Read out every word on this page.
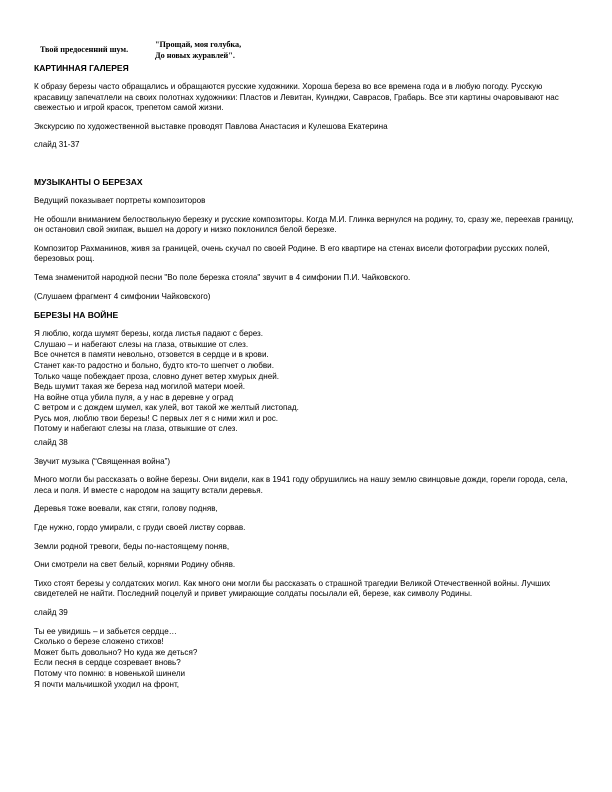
Твой предосенний шум.
"Прощай, моя голубка,
До новых журавлей".
КАРТИННАЯ ГАЛЕРЕЯ

К образу березы часто обращались и обращаются русские художники. Хороша береза во все времена года и в любую погоду. Русскую красавицу запечатлели на своих полотнах художники: Пластов и Левитан, Куинджи, Саврасов, Грабарь. Все эти картины очаровывают нас свежестью и игрой красок, трепетом самой жизни.

Экскурсию по художественной выставке проводят Павлова Анастасия и Кулешова Екатерина

слайд 31-37

МУЗЫКАНТЫ О БЕРЕЗАХ

Ведущий показывает портреты композиторов

Не обошли вниманием белоствольную березку и русские композиторы. Когда М.И. Глинка вернулся на родину, то, сразу же, переехав границу, он остановил свой экипаж, вышел на дорогу и низко поклонился белой березке.

Композитор Рахманинов, живя за границей, очень скучал по своей Родине. В его квартире на стенах висели фотографии русских полей, березовых рощ.

Тема знаменитой народной песни "Во поле березка стояла" звучит в 4 симфонии П.И. Чайковского.

(Слушаем фрагмент 4 симфонии Чайковского)

БЕРЕЗЫ НА ВОЙНЕ
Я люблю, когда шумят березы, когда листья падают с берез.
Слушаю – и набегают слезы на глаза, отвыкшие от слез.
Все очнется в памяти невольно, отзовется в сердце и в крови.
Станет как-то радостно и больно, будто кто-то шепчет о любви.
Только чаще побеждает проза, словно дунет ветер хмурых дней.
Ведь шумит такая же береза над могилой матери моей.
На войне отца убила пуля, а у нас в деревне у оград
С ветром и с дождем шумел, как улей, вот такой же желтый листопад.
Русь моя, люблю твои березы! С первых лет я с ними жил и рос.
Потому и набегают слезы на глаза, отвыкшие от слез.

слайд 38

Звучит музыка (“Священная война”)

Много могли бы рассказать о войне березы. Они видели, как в 1941 году обрушились на нашу землю свинцовые дожди, горели города, села, леса и поля. И вместе с народом на защиту встали деревья.

Деревья тоже воевали, как стяги, голову подняв,

Где нужно, гордо умирали, с груди своей листву сорвав.

Земли родной тревоги, беды по-настоящему поняв,

Они смотрели на свет белый, корнями Родину обняв.

Тихо стоят березы у солдатских могил. Как много они могли бы рассказать о страшной трагедии Великой Отечественной войны. Лучших свидетелей не найти. Последний поцелуй и привет умирающие солдаты посылали ей, березе, как символу Родины.

слайд 39

Ты ее увидишь – и забьется сердце…
Сколько о березе сложено стихов!
Может быть довольно? Но куда же деться?
Если песня в сердце созревает вновь?
Потому что помню: в новенькой шинели
Я почти мальчишкой уходил на фронт,
